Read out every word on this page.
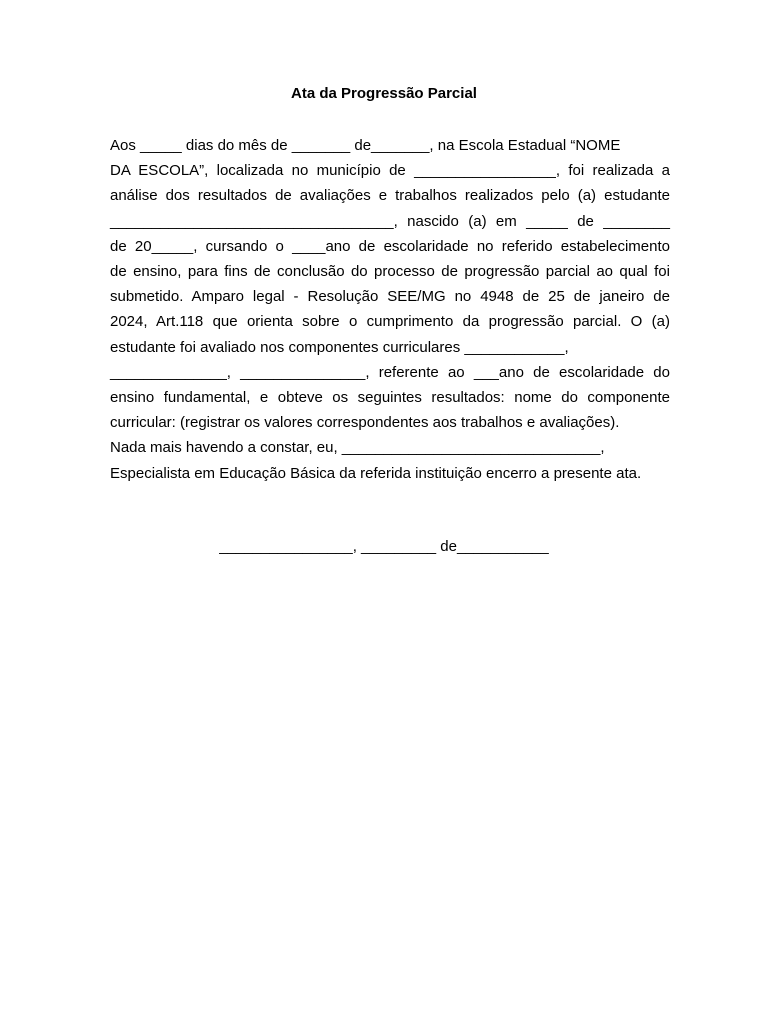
Ata da Progressão Parcial
Aos _____ dias do mês de _______ de_______, na Escola Estadual “NOME
DA ESCOLA”, localizada no município de _________________, foi realizada a
análise dos resultados de avaliações e trabalhos realizados pelo (a) estudante
__________________________________, nascido (a) em _____ de ________
de 20_____, cursando o ____ano de escolaridade no referido estabelecimento
de ensino, para fins de conclusão do processo de progressão parcial ao qual foi
submetido. Amparo legal - Resolução SEE/MG no 4948 de 25 de janeiro de
2024, Art.118 que orienta sobre o cumprimento da progressão parcial. O (a)
estudante foi avaliado nos componentes curriculares ____________,
______________, _______________, referente ao ___ano de escolaridade do
ensino fundamental, e obteve os seguintes resultados: nome do componente
curricular: (registrar os valores correspondentes aos trabalhos e avaliações).
Nada mais havendo a constar, eu, _______________________________,
Especialista em Educação Básica da referida instituição encerro a presente ata.

________________, _________ de___________
